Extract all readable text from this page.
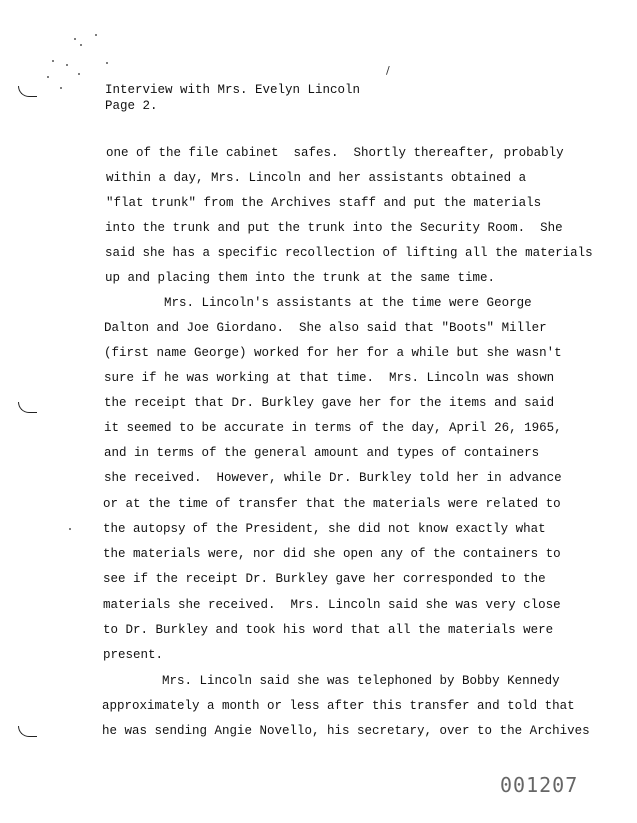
/
Interview with Mrs. Evelyn Lincoln
Page 2.
one of the file cabinet  safes.  Shortly thereafter, probably
within a day, Mrs. Lincoln and her assistants obtained a
"flat trunk" from the Archives staff and put the materials
into the trunk and put the trunk into the Security Room.  She
said she has a specific recollection of lifting all the materials
up and placing them into the trunk at the same time.
Mrs. Lincoln's assistants at the time were George
Dalton and Joe Giordano.  She also said that "Boots" Miller
(first name George) worked for her for a while but she wasn't
sure if he was working at that time.  Mrs. Lincoln was shown
the receipt that Dr. Burkley gave her for the items and said
it seemed to be accurate in terms of the day, April 26, 1965,
and in terms of the general amount and types of containers
she received.  However, while Dr. Burkley told her in advance
or at the time of transfer that the materials were related to
the autopsy of the President, she did not know exactly what
the materials were, nor did she open any of the containers to
see if the receipt Dr. Burkley gave her corresponded to the
materials she received.  Mrs. Lincoln said she was very close
to Dr. Burkley and took his word that all the materials were
present.
Mrs. Lincoln said she was telephoned by Bobby Kennedy
approximately a month or less after this transfer and told that
he was sending Angie Novello, his secretary, over to the Archives
001207
